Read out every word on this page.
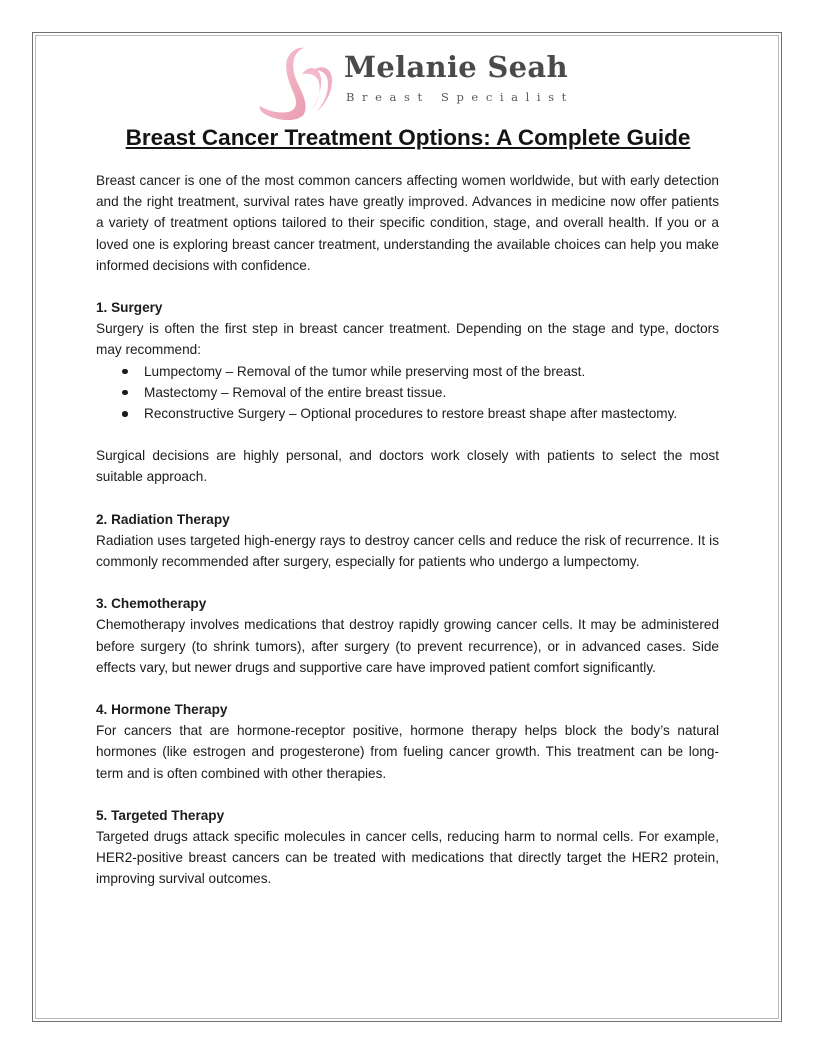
Melanie Seah
Breast Specialist
Breast Cancer Treatment Options: A Complete Guide

Breast cancer is one of the most common cancers affecting women worldwide, but with early detection and the right treatment, survival rates have greatly improved. Advances in medicine now offer patients a variety of treatment options tailored to their specific condition, stage, and overall health. If you or a loved one is exploring breast cancer treatment, understanding the available choices can help you make informed decisions with confidence.

1. Surgery

Surgery is often the first step in breast cancer treatment. Depending on the stage and type, doctors may recommend:

Lumpectomy – Removal of the tumor while preserving most of the breast.
Mastectomy – Removal of the entire breast tissue.
Reconstructive Surgery – Optional procedures to restore breast shape after mastectomy.

Surgical decisions are highly personal, and doctors work closely with patients to select the most suitable approach.

2. Radiation Therapy

Radiation uses targeted high-energy rays to destroy cancer cells and reduce the risk of recurrence. It is commonly recommended after surgery, especially for patients who undergo a lumpectomy.

3. Chemotherapy

Chemotherapy involves medications that destroy rapidly growing cancer cells. It may be administered before surgery (to shrink tumors), after surgery (to prevent recurrence), or in advanced cases. Side effects vary, but newer drugs and supportive care have improved patient comfort significantly.

4. Hormone Therapy

For cancers that are hormone-receptor positive, hormone therapy helps block the body’s natural hormones (like estrogen and progesterone) from fueling cancer growth. This treatment can be long-term and is often combined with other therapies.

5. Targeted Therapy

Targeted drugs attack specific molecules in cancer cells, reducing harm to normal cells. For example, HER2-positive breast cancers can be treated with medications that directly target the HER2 protein, improving survival outcomes.
